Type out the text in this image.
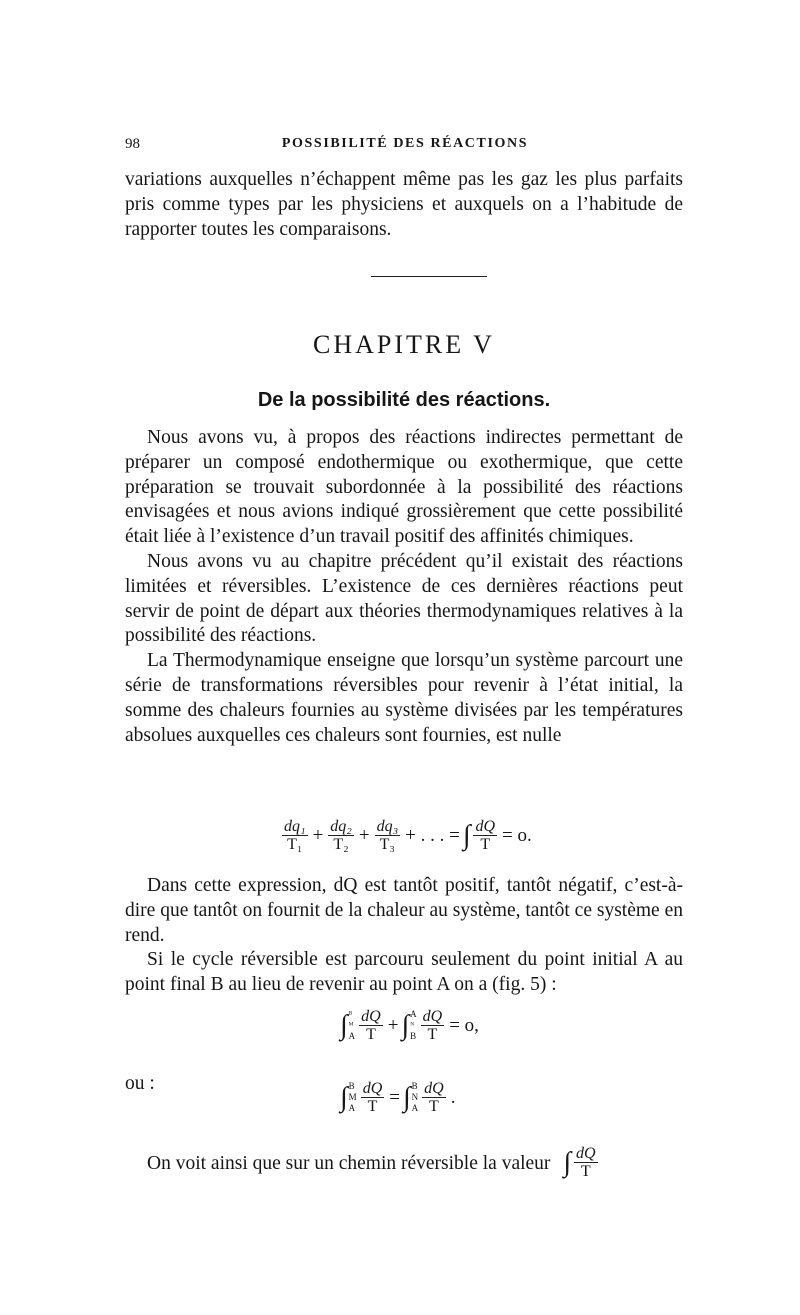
98	POSSIBILITÉ DES RÉACTIONS

variations auxquelles n’échappent même pas les gaz les plus parfaits pris comme types par les physiciens et auxquels on a l’habitude de rapporter toutes les comparaisons.

CHAPITRE V
De la possibilité des réactions.

Nous avons vu, à propos des réactions indirectes permettant de préparer un composé endothermique ou exothermique, que cette préparation se trouvait subordonnée à la possibilité des réactions envisagées et nous avions indiqué grossièrement que cette possibilité était liée à l’existence d’un travail positif des affinités chimiques.

Nous avons vu au chapitre précédent qu’il existait des réactions limitées et réversibles. L’existence de ces dernières réactions peut servir de point de départ aux théories thermodynamiques relatives à la possibilité des réactions.

La Thermodynamique enseigne que lorsqu’un système parcourt une série de transformations réversibles pour revenir à l’état initial, la somme des chaleurs fournies au système divisées par les températures absolues auxquelles ces chaleurs sont fournies, est nulle

$\frac{\text{dq₁}}{\text{T₁}} + \frac{\text{dq₂}}{\text{T₂}} + \frac{\text{dq₃}}{\text{T₃}}$ + . . . = ∫ $\frac{dQ}{T} = o$.

Dans cette expression, dQ est tantôt positif, tantôt négatif, c’est-à-dire que tantôt on fournit de la chaleur au système, tantôt ce système en rend.

Si le cycle réversible est parcouru seulement du point initial A au point final B au lieu de revenir au point A on a (fig. 5) :

∫ ᴮ
ᴹ
A $\frac{dQ}{T}$ + ∫ A
ᴺ
B $\frac{dQ}{T} = o$,
ou :	∫ B
M
A $\frac{dQ}{T}$ = ∫ B
N
A $\frac{dQ}{T}$ .
On voit ainsi que sur un chemin réversible la valeur ∫ $\frac{dQ}{T}$
